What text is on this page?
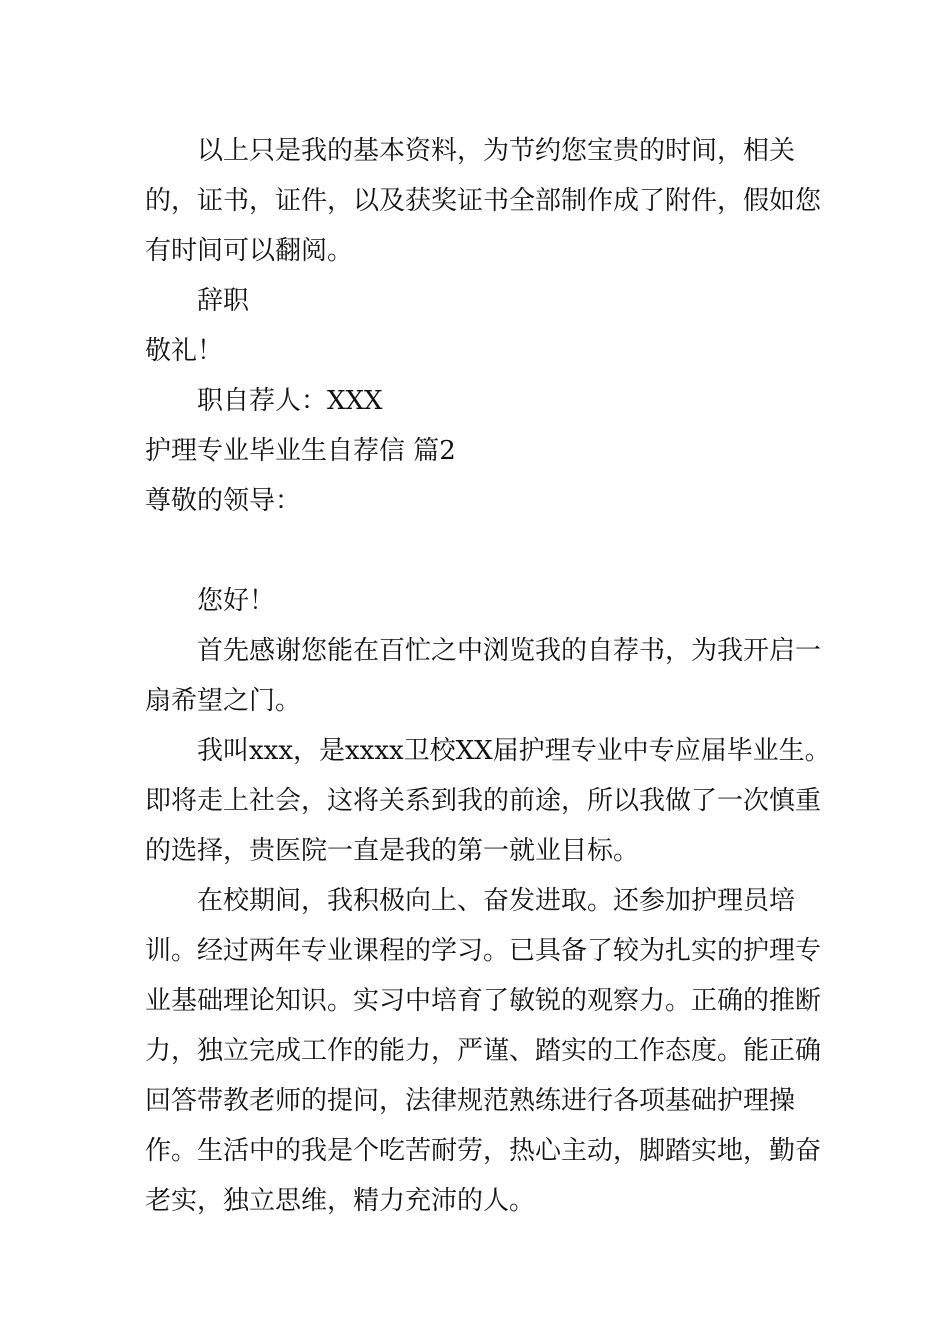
以上只是我的基本资料，为节约您宝贵的时间，相关的，证书，证件，以及获奖证书全部制作成了附件，假如您有时间可以翻阅。

辞职

敬礼！

职自荐人：XXX

护理专业毕业生自荐信 篇2

尊敬的领导：

您好！

首先感谢您能在百忙之中浏览我的自荐书，为我开启一扇希望之门。

我叫xxx，是xxxx卫校XX届护理专业中专应届毕业生。即将走上社会，这将关系到我的前途，所以我做了一次慎重的选择，贵医院一直是我的第一就业目标。

在校期间，我积极向上、奋发进取。还参加护理员培训。经过两年专业课程的学习。已具备了较为扎实的护理专业基础理论知识。实习中培育了敏锐的观察力。正确的推断力，独立完成工作的能力，严谨、踏实的工作态度。能正确回答带教老师的提问，法律规范熟练进行各项基础护理操作。生活中的我是个吃苦耐劳，热心主动，脚踏实地，勤奋老实，独立思维，精力充沛的人。
